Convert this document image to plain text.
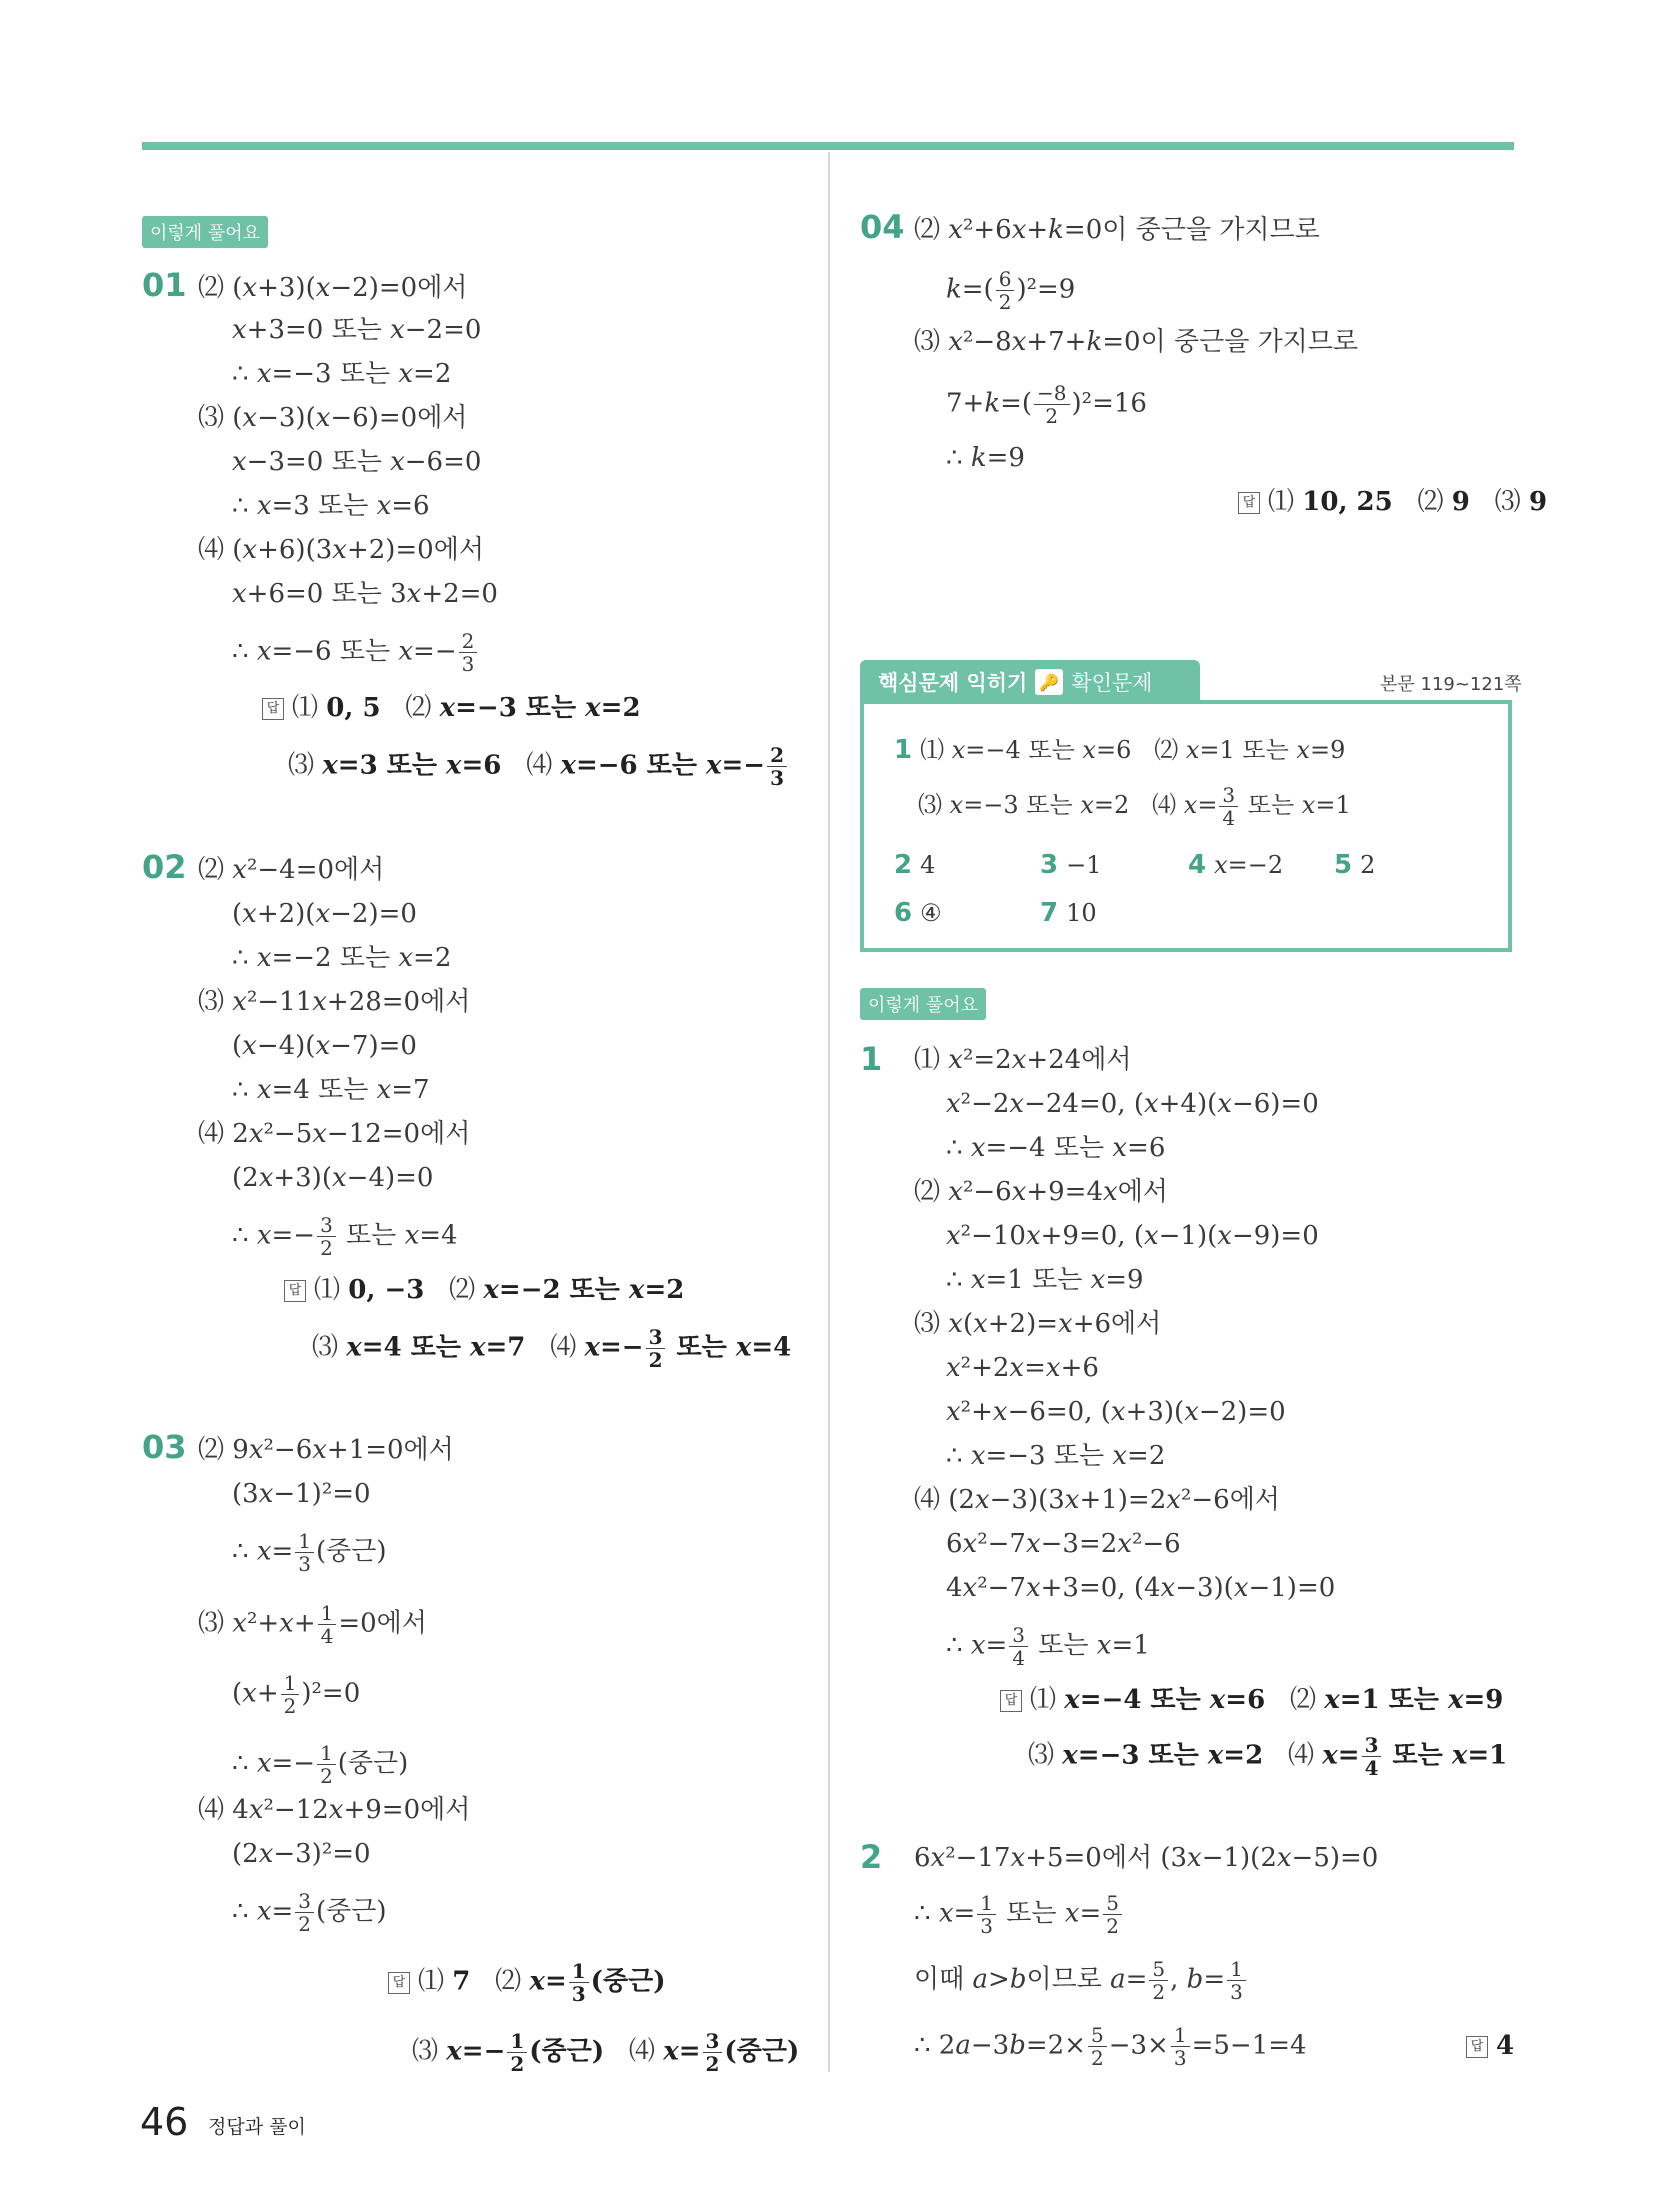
이렇게 풀어요
01 ⑵ (x+3)(x−2)=0에서
x+3=0 또는 x−2=0
∴ x=−3 또는 x=2
⑶ (x−3)(x−6)=0에서
x−3=0 또는 x−6=0
∴ x=3 또는 x=6
⑷ (x+6)(3x+2)=0에서
x+6=0 또는 3x+2=0
∴ x=−6 또는 $x=- \frac{2}{3}$
답 ⑴ 0, 5   ⑵ x=−3 또는 x=2
⑶ x=3 또는 x=6   ⑷ x=−6 또는 $x=- \frac{2}{3}$
02 ⑵ x²−4=0에서
(x+2)(x−2)=0
∴ x=−2 또는 x=2
⑶ x²−11x+28=0에서
(x−4)(x−7)=0
∴ x=4 또는 x=7
⑷ 2x²−5x−12=0에서
(2x+3)(x−4)=0
∴ $x=- \frac{3}{2}$ 또는 x=4
답 ⑴ 0, −3   ⑵ x=−2 또는 x=2
⑶ x=4 또는 x=7   ⑷ $x=- \frac{3}{2}$ 또는 x=4
03 ⑵ 9x²−6x+1=0에서
(3x−1)²=0
∴ $x= \frac{1}{3}$ (중근)
⑶ $x^2+x+ \frac{1}{4} =0$에서
$(x+ \frac{1}{2} )^2=0$
∴ $x=- \frac{1}{2}$ (중근)
⑷ 4x²−12x+9=0에서
(2x−3)²=0
∴ $x= \frac{3}{2}$ (중근)
답 ⑴ 7   ⑵ $x= \frac{1}{3}$ (중근)
⑶ $x=- \frac{1}{2}$ (중근)   ⑷ $x= \frac{3}{2}$ (중근)
04 ⑵ x²+6x+k=0이 중근을 가지므로
$k=( \frac{6}{2} )^2=9$
⑶ x²−8x+7+k=0이 중근을 가지므로
$7+k=( \frac{-8}{2} )^2=16$
∴ k=9
답 ⑴ 10, 25   ⑵ 9   ⑶ 9
핵심문제 익히기 🔑 확인문제	본문 119~121쪽
1 ⑴ x=−4 또는 x=6   ⑵ x=1 또는 x=9
⑶ x=−3 또는 x=2   ⑷ $x= \frac{3}{4}$ 또는 x=1
2 4	3 −1	4 x=−2 5 2
6 ④	7 10
이렇게 풀어요
1 ⑴ x²=2x+24에서
x²−2x−24=0, (x+4)(x−6)=0
∴ x=−4 또는 x=6
⑵ x²−6x+9=4x에서
x²−10x+9=0, (x−1)(x−9)=0
∴ x=1 또는 x=9
⑶ x(x+2)=x+6에서
x²+2x=x+6
x²+x−6=0, (x+3)(x−2)=0
∴ x=−3 또는 x=2
⑷ (2x−3)(3x+1)=2x²−6에서
6x²−7x−3=2x²−6
4x²−7x+3=0, (4x−3)(x−1)=0
∴ $x= \frac{3}{4}$ 또는 x=1
답 ⑴ x=−4 또는 x=6   ⑵ x=1 또는 x=9
⑶ x=−3 또는 x=2   ⑷ $x= \frac{3}{4}$ 또는 x=1
2 6x²−17x+5=0에서 (3x−1)(2x−5)=0
∴ $x= \frac{1}{3}$ 또는 $x= \frac{5}{2}$
이때 a>b이므로 $a= \frac{5}{2}$ , $b= \frac{1}{3}$
∴ $2a-3b=2\times \frac{5}{2} -3\times \frac{1}{3} =5-1=4$	답 4
46 정답과 풀이
